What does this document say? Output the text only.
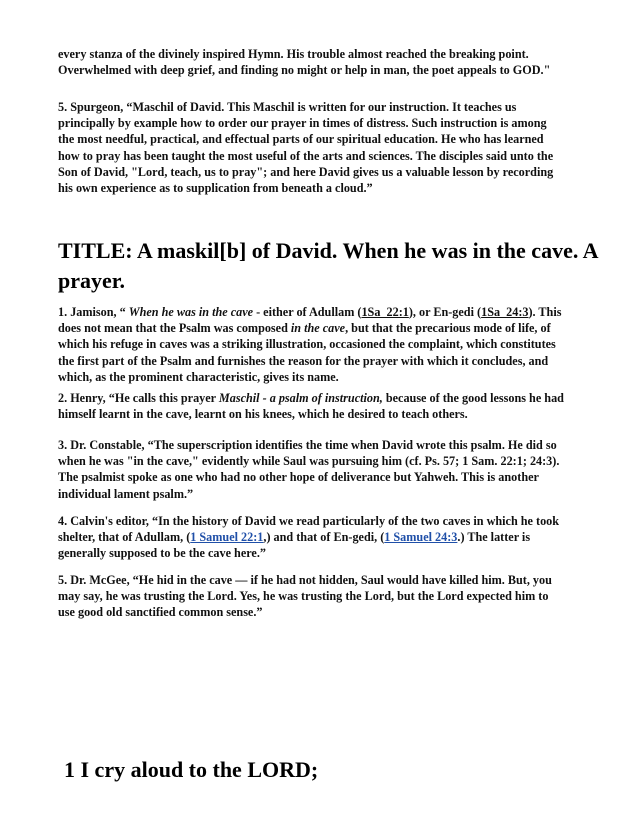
every stanza of the divinely inspired Hymn. His trouble almost reached the breaking point.
Overwhelmed with deep grief, and finding no might or help in man, the poet appeals to GOD."

5. Spurgeon, “Maschil of David. This Maschil is written for our instruction. It teaches us
principally by example how to order our prayer in times of distress. Such instruction is among
the most needful, practical, and effectual parts of our spiritual education. He who has learned
how to pray has been taught the most useful of the arts and sciences. The disciples said unto the
Son of David, "Lord, teach, us to pray"; and here David gives us a valuable lesson by recording
his own experience as to supplication from beneath a cloud.”

TITLE: A maskil[b] of David. When he was in the cave. A
prayer.

1. Jamison, “ When he was in the cave - either of Adullam (1Sa_22:1), or En-gedi (1Sa_24:3). This
does not mean that the Psalm was composed in the cave, but that the precarious mode of life, of
which his refuge in caves was a striking illustration, occasioned the complaint, which constitutes
the first part of the Psalm and furnishes the reason for the prayer with which it concludes, and
which, as the prominent characteristic, gives its name.

2. Henry, “He calls this prayer Maschil - a psalm of instruction, because of the good lessons he had
himself learnt in the cave, learnt on his knees, which he desired to teach others.

3. Dr. Constable, “The superscription identifies the time when David wrote this psalm. He did so
when he was "in the cave," evidently while Saul was pursuing him (cf. Ps. 57; 1 Sam. 22:1; 24:3).
The psalmist spoke as one who had no other hope of deliverance but Yahweh. This is another
individual lament psalm.”

4. Calvin's editor, “In the history of David we read particularly of the two caves in which he took
shelter, that of Adullam, (1 Samuel 22:1,) and that of En-gedi, (1 Samuel 24:3.) The latter is
generally supposed to be the cave here.”

5. Dr. McGee, “He hid in the cave — if he had not hidden, Saul would have killed him. But, you
may say, he was trusting the Lord. Yes, he was trusting the Lord, but the Lord expected him to
use good old sanctified common sense.”

1 I cry aloud to the LORD;
